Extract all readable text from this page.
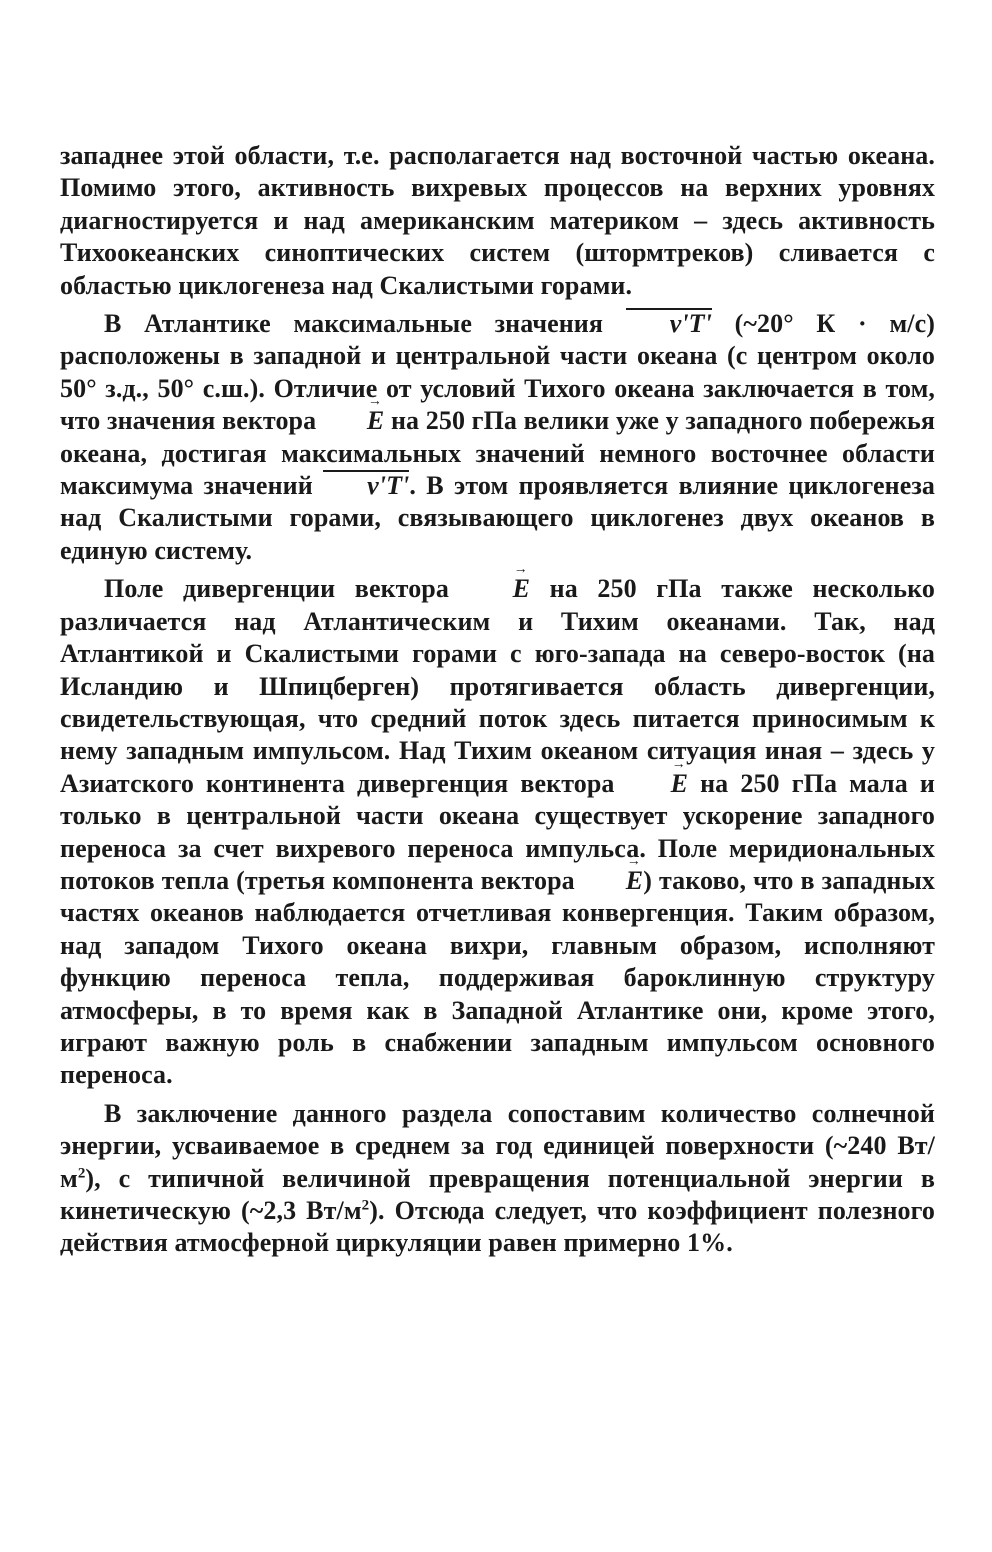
западнее этой области, т.е. располагается над восточной частью океана. Помимо этого, активность вихревых процессов на верхних уровнях диагностируется и над американским материком – здесь активность Тихоокеанских синоптических систем (штормтреков) сливается с областью циклогенеза над Скалистыми горами.

В Атлантике максимальные значения v'T' (~20° К · м/с) расположены в западной и центральной части океана (с центром около 50° з.д., 50° с.ш.). Отличие от условий Тихого океана заключается в том, что значения вектора → E на 250 гПа велики уже у западного побережья океана, достигая максимальных значений немного восточнее области максимума значений v'T'. В этом проявляется влияние циклогенеза над Скалистыми горами, связывающего циклогенез двух океанов в единую систему.

Поле дивергенции вектора → E на 250 гПа также несколько различается над Атлантическим и Тихим океанами. Так, над Атлантикой и Скалистыми горами с юго-запада на северо-восток (на Исландию и Шпицберген) протягивается область дивергенции, свидетельствующая, что средний поток здесь питается приносимым к нему западным импульсом. Над Тихим океаном ситуация иная – здесь у Азиатского континента дивергенция вектора → E на 250 гПа мала и только в центральной части океана существует ускорение западного переноса за счет вихревого переноса импульса. Поле меридиональных потоков тепла (третья компонента вектора → E) таково, что в западных частях океанов наблюдается отчетливая конвергенция. Таким образом, над западом Тихого океана вихри, главным образом, исполняют функцию переноса тепла, поддерживая бароклинную структуру атмосферы, в то время как в Западной Атлантике они, кроме этого, играют важную роль в снабжении западным импульсом основного переноса.

В заключение данного раздела сопоставим количество солнечной энергии, усваиваемое в среднем за год единицей поверхности (~240 $Вт/м^2$), с типичной величиной превращения потенциальной энергии в кинетическую (~2,3 $Вт/м^2$). Отсюда следует, что коэффициент полезного действия атмосферной циркуляции равен примерно 1%.
